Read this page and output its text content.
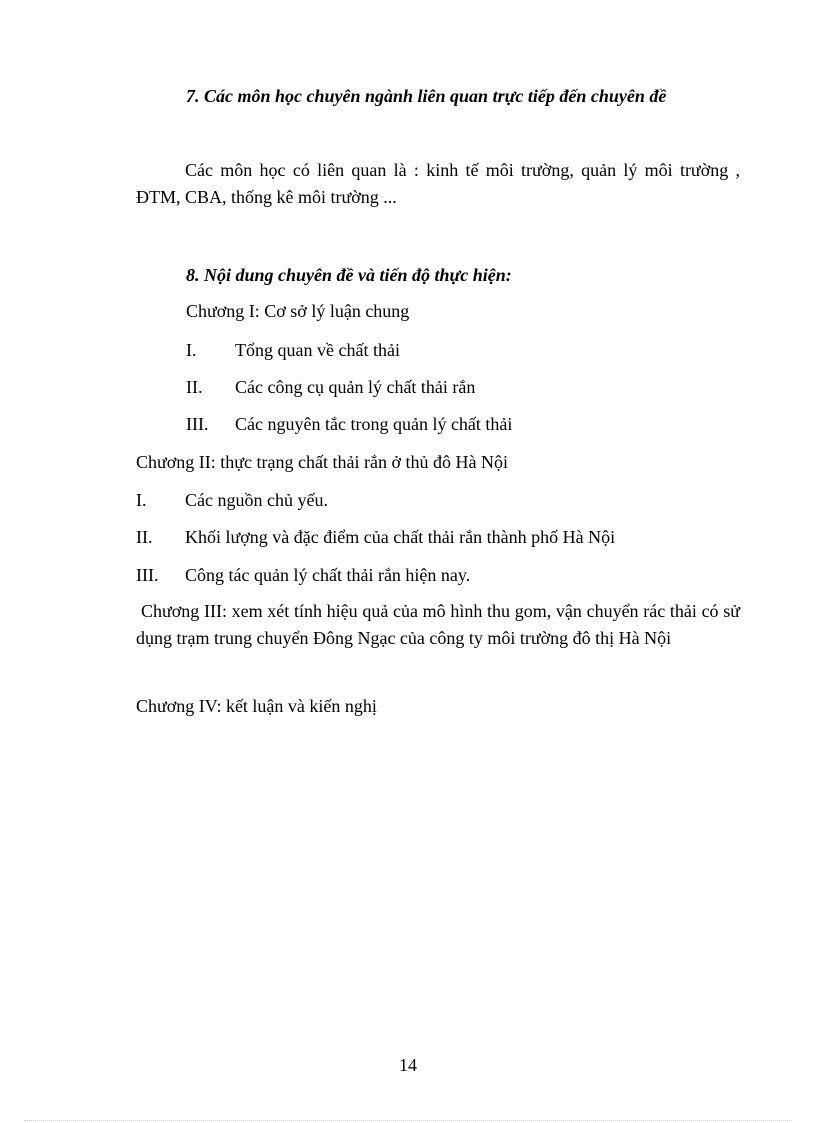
7. Các môn học chuyên ngành liên quan trực tiếp đến chuyên đề
Các môn học có liên quan là : kinh tế môi trường, quản lý môi trường , ĐTM, CBA, thống kê môi trường ...
8. Nội dung chuyên đề và tiến độ thực hiện:
Chương I: Cơ sở lý luận chung
I. Tổng quan về chất thải
II. Các công cụ quản lý chất thải rắn
III. Các nguyên tắc trong quản lý chất thải
Chương II: thực trạng chất thải rắn ở thủ đô Hà Nội
I. Các nguồn chủ yếu.
II. Khối lượng và đặc điểm của chất thải rắn thành phố Hà Nội
III. Công tác quản lý chất thải rắn hiện nay.
Chương III: xem xét tính hiệu quả của mô hình thu gom, vận chuyển rác thải có sử dụng trạm trung chuyển Đông Ngạc của công ty môi trường đô thị Hà Nội
Chương IV: kết luận và kiến nghị
14
